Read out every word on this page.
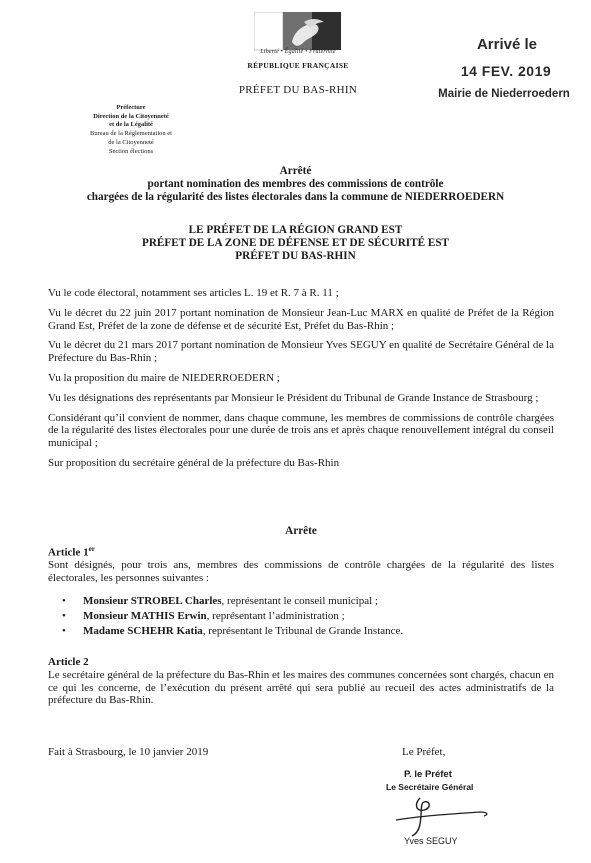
Liberté • Égalité • Fraternité
RÉPUBLIQUE FRANÇAISE
PRÉFET DU BAS-RHIN
Arrivé le
14 FEV. 2019
Mairie de Niederroedern
Préfecture
Direction de la Citoyenneté
et de la Légalité
Bureau de la Réglementation et
de la Citoyenneté
Section élections
Arrêté
portant nomination des membres des commissions de contrôle
chargées de la régularité des listes électorales dans la commune de NIEDERROEDERN
LE PRÉFET DE LA RÉGION GRAND EST
PRÉFET DE LA ZONE DE DÉFENSE ET DE SÉCURITÉ EST
PRÉFET DU BAS-RHIN

Vu le code électoral, notamment ses articles L. 19 et R. 7 à R. 11 ;

Vu le décret du 22 juin 2017 portant nomination de Monsieur Jean-Luc MARX en qualité de Préfet de la Région Grand Est, Préfet de la zone de défense et de sécurité Est, Préfet du Bas-Rhin ;

Vu le décret du 21 mars 2017 portant nomination de Monsieur Yves SEGUY en qualité de Secrétaire Général de la Préfecture du Bas-Rhin ;

Vu la proposition du maire de NIEDERROEDERN ;

Vu les désignations des représentants par Monsieur le Président du Tribunal de Grande Instance de Strasbourg ;

Considérant qu’il convient de nommer, dans chaque commune, les membres de commissions de contrôle chargées de la régularité des listes électorales pour une durée de trois ans et après chaque renouvellement intégral du conseil municipal ;

Sur proposition du secrétaire général de la préfecture du Bas-Rhin

Arrête
Article 1er
Sont désignés, pour trois ans, membres des commissions de contrôle chargées de la régularité des listes électorales, les personnes suivantes :
• Monsieur STROBEL Charles, représentant le conseil municipal ;
• Monsieur MATHIS Erwin, représentant l’administration ;
• Madame SCHEHR Katia, représentant le Tribunal de Grande Instance.
Article 2
Le secrétaire général de la préfecture du Bas-Rhin et les maires des communes concernées sont chargés, chacun en ce qui les concerne, de l’exécution du présent arrêté qui sera publié au recueil des actes administratifs de la préfecture du Bas-Rhin.
Fait à Strasbourg, le 10 janvier 2019	Le Préfet,
P. le Préfet
Le Secrétaire Général
Yves SEGUY
